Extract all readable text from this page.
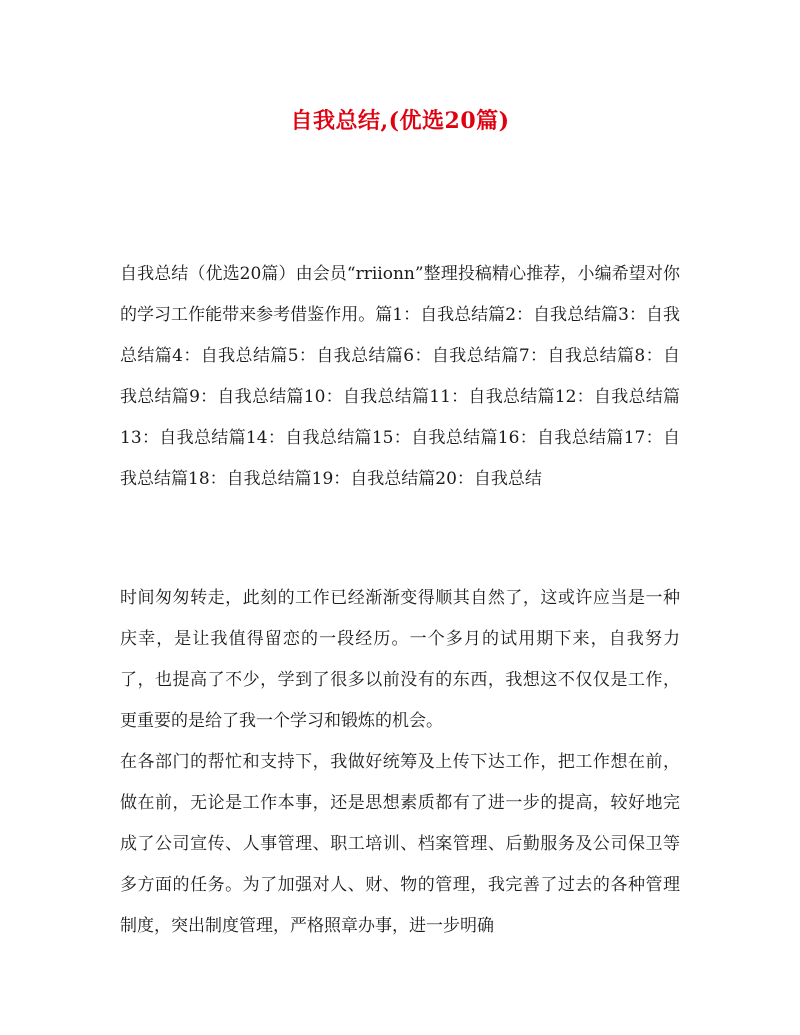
自我总结,(优选20篇)

自我总结（优选20篇）由会员“rriionn”整理投稿精心推荐，小编希望对你的学习工作能带来参考借鉴作用。篇1：自我总结篇2：自我总结篇3：自我总结篇4：自我总结篇5：自我总结篇6：自我总结篇7：自我总结篇8：自我总结篇9：自我总结篇10：自我总结篇11：自我总结篇12：自我总结篇13：自我总结篇14：自我总结篇15：自我总结篇16：自我总结篇17：自我总结篇18：自我总结篇19：自我总结篇20：自我总结

时间匆匆转走，此刻的工作已经渐渐变得顺其自然了，这或许应当是一种庆幸，是让我值得留恋的一段经历。一个多月的试用期下来，自我努力了，也提高了不少，学到了很多以前没有的东西，我想这不仅仅是工作，更重要的是给了我一个学习和锻炼的机会。

在各部门的帮忙和支持下，我做好统筹及上传下达工作，把工作想在前，做在前，无论是工作本事，还是思想素质都有了进一步的提高，较好地完成了公司宣传、人事管理、职工培训、档案管理、后勤服务及公司保卫等多方面的任务。为了加强对人、财、物的管理，我完善了过去的各种管理制度，突出制度管理，严格照章办事，进一步明确
